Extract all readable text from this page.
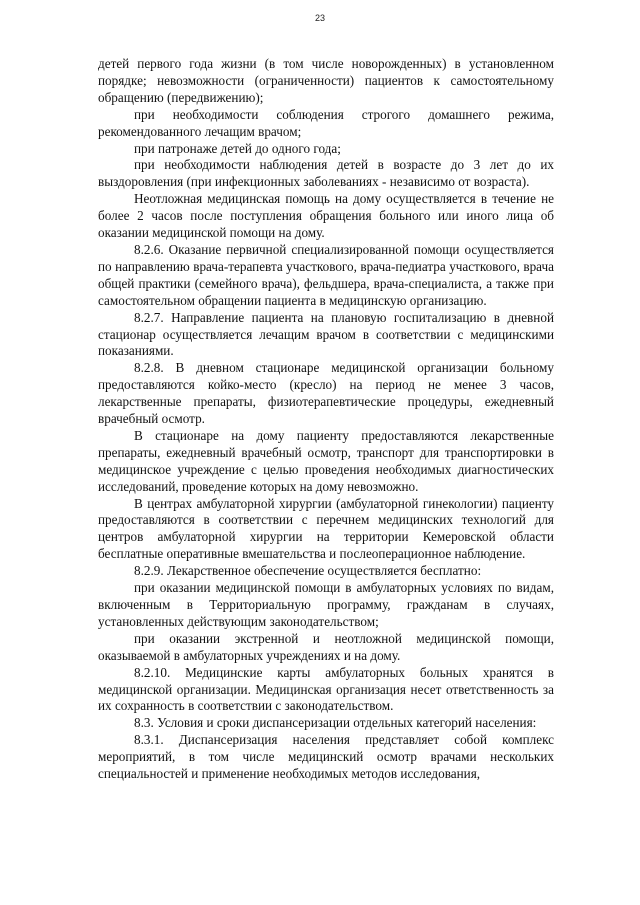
23

детей первого года жизни (в том числе новорожденных) в установленном порядке; невозможности (ограниченности) пациентов к самостоятельному обращению (передвижению);

при необходимости соблюдения строгого домашнего режима, рекомендованного лечащим врачом;

при патронаже детей до одного года;

при необходимости наблюдения детей в возрасте до 3 лет до их выздоровления (при инфекционных заболеваниях - независимо от возраста).

Неотложная медицинская помощь на дому осуществляется в течение не более 2 часов после поступления обращения больного или иного лица об оказании медицинской помощи на дому.

8.2.6. Оказание первичной специализированной помощи осуществляется по направлению врача-терапевта участкового, врача-педиатра участкового, врача общей практики (семейного врача), фельдшера, врача-специалиста, а также при самостоятельном обращении пациента в медицинскую организацию.

8.2.7. Направление пациента на плановую госпитализацию в дневной стационар осуществляется лечащим врачом в соответствии с медицинскими показаниями.

8.2.8. В дневном стационаре медицинской организации больному предоставляются койко-место (кресло) на период не менее 3 часов, лекарственные препараты, физиотерапевтические процедуры, ежедневный врачебный осмотр.

В стационаре на дому пациенту предоставляются лекарственные препараты, ежедневный врачебный осмотр, транспорт для транспортировки в медицинское учреждение с целью проведения необходимых диагностических исследований, проведение которых на дому невозможно.

В центрах амбулаторной хирургии (амбулаторной гинекологии) пациенту предоставляются в соответствии с перечнем медицинских технологий для центров амбулаторной хирургии на территории Кемеровской области бесплатные оперативные вмешательства и послеоперационное наблюдение.

8.2.9. Лекарственное обеспечение осуществляется бесплатно:

при оказании медицинской помощи в амбулаторных условиях по видам, включенным в Территориальную программу, гражданам в случаях, установленных действующим законодательством;

при оказании экстренной и неотложной медицинской помощи, оказываемой в амбулаторных учреждениях и на дому.

8.2.10. Медицинские карты амбулаторных больных хранятся в медицинской организации. Медицинская организация несет ответственность за их сохранность в соответствии с законодательством.

8.3. Условия и сроки диспансеризации отдельных категорий населения:

8.3.1. Диспансеризация населения представляет собой комплекс мероприятий, в том числе медицинский осмотр врачами нескольких специальностей и применение необходимых методов исследования,
